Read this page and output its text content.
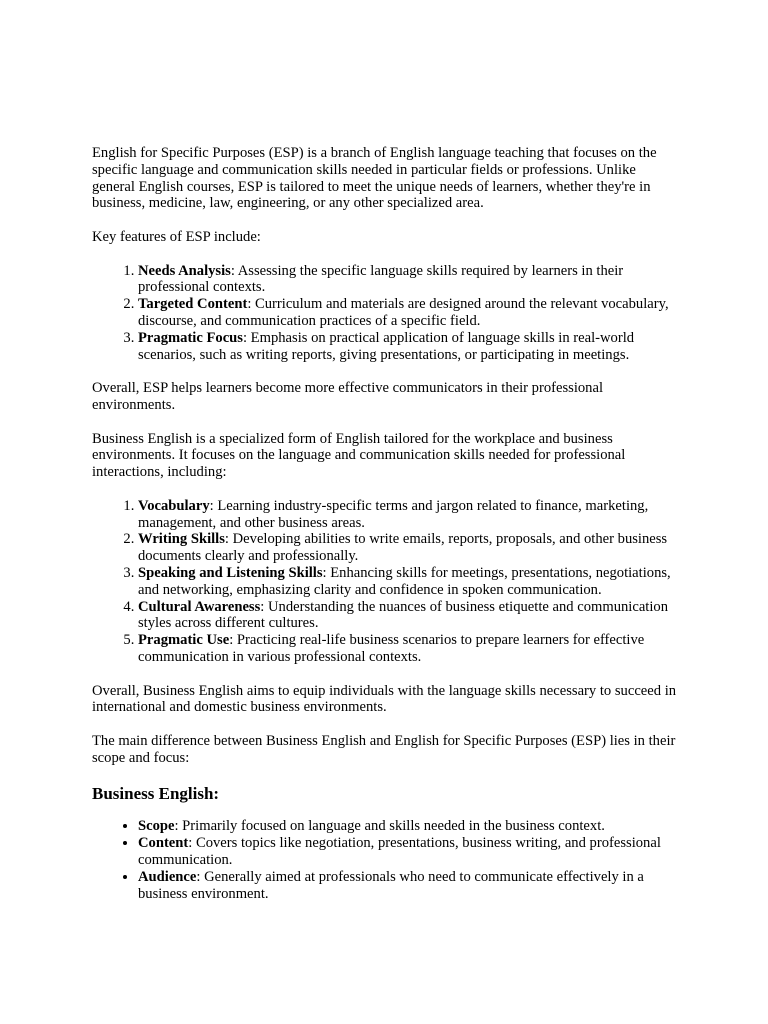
English for Specific Purposes (ESP) is a branch of English language teaching that focuses on the specific language and communication skills needed in particular fields or professions. Unlike general English courses, ESP is tailored to meet the unique needs of learners, whether they're in business, medicine, law, engineering, or any other specialized area.

Key features of ESP include:

1. Needs Analysis: Assessing the specific language skills required by learners in their professional contexts.
2. Targeted Content: Curriculum and materials are designed around the relevant vocabulary, discourse, and communication practices of a specific field.
3. Pragmatic Focus: Emphasis on practical application of language skills in real-world scenarios, such as writing reports, giving presentations, or participating in meetings.

Overall, ESP helps learners become more effective communicators in their professional environments.

Business English is a specialized form of English tailored for the workplace and business environments. It focuses on the language and communication skills needed for professional interactions, including:

1. Vocabulary: Learning industry-specific terms and jargon related to finance, marketing, management, and other business areas.
2. Writing Skills: Developing abilities to write emails, reports, proposals, and other business documents clearly and professionally.
3. Speaking and Listening Skills: Enhancing skills for meetings, presentations, negotiations, and networking, emphasizing clarity and confidence in spoken communication.
4. Cultural Awareness: Understanding the nuances of business etiquette and communication styles across different cultures.
5. Pragmatic Use: Practicing real-life business scenarios to prepare learners for effective communication in various professional contexts.

Overall, Business English aims to equip individuals with the language skills necessary to succeed in international and domestic business environments.

The main difference between Business English and English for Specific Purposes (ESP) lies in their scope and focus:

Business English:
• Scope: Primarily focused on language and skills needed in the business context.
• Content: Covers topics like negotiation, presentations, business writing, and professional communication.
• Audience: Generally aimed at professionals who need to communicate effectively in a business environment.
